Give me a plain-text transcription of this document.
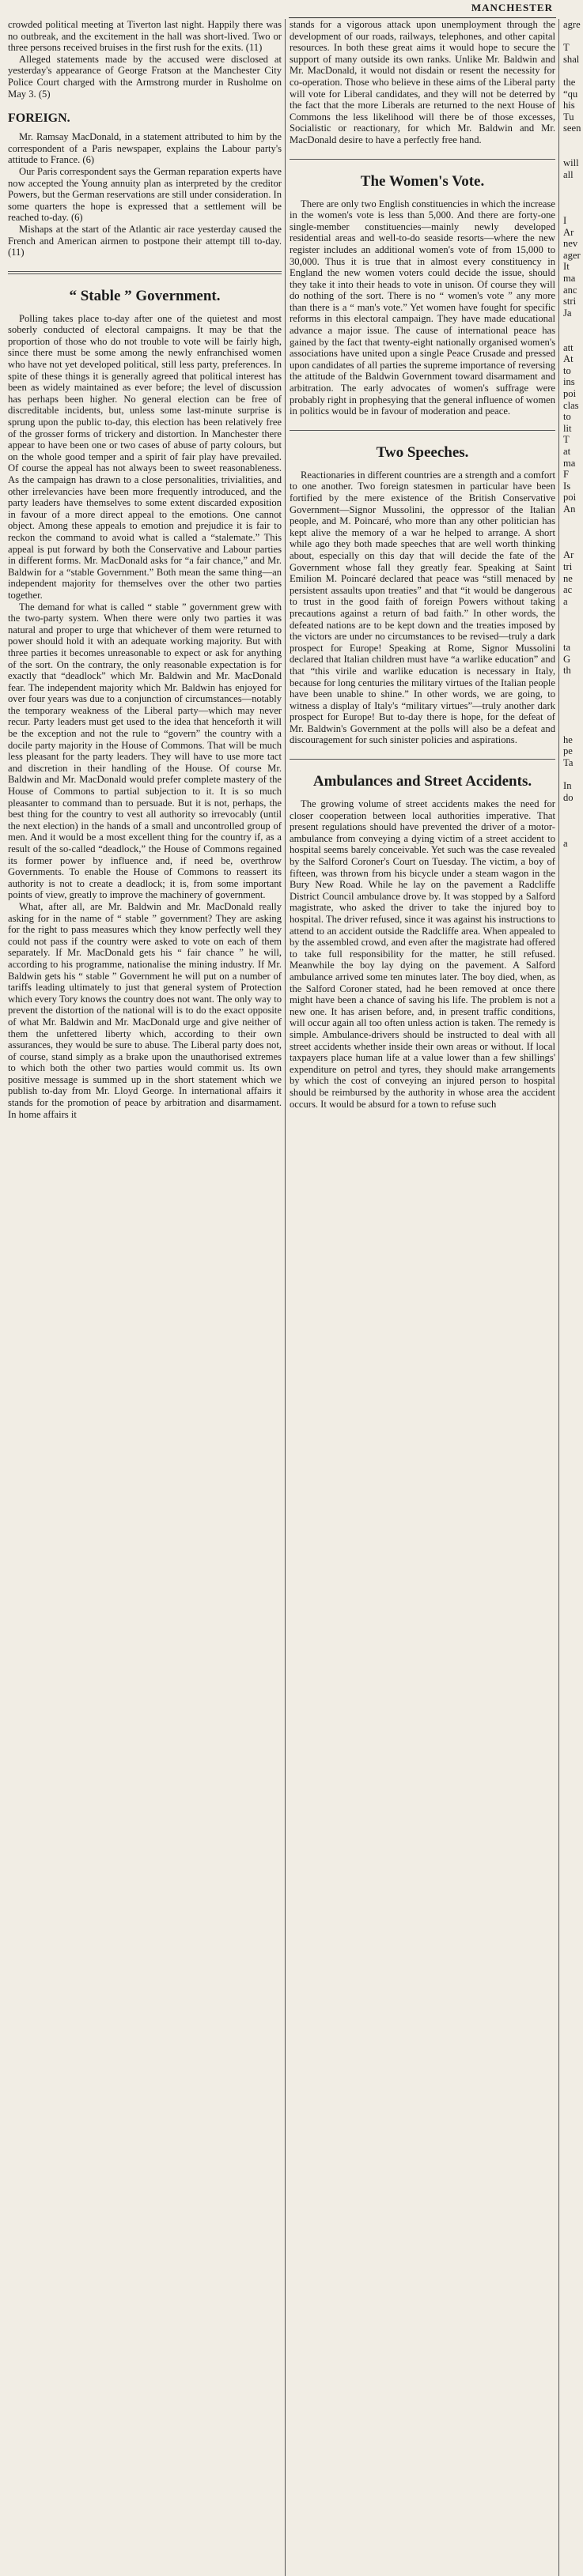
MANCHESTER

crowded political meeting at Tiverton last night. Happily there was no outbreak, and the excitement in the hall was short-lived. Two or three persons received bruises in the first rush for the exits. (11)

Alleged statements made by the accused were disclosed at yesterday's appearance of George Fratson at the Manchester City Police Court charged with the Armstrong murder in Rusholme on May 3. (5)

FOREIGN.

Mr. Ramsay MacDonald, in a statement attributed to him by the correspondent of a Paris newspaper, explains the Labour party's attitude to France. (6)

Our Paris correspondent says the German reparation experts have now accepted the Young annuity plan as interpreted by the creditor Powers, but the German reservations are still under consideration. In some quarters the hope is expressed that a settlement will be reached to-day. (6)

Mishaps at the start of the Atlantic air race yesterday caused the French and American airmen to postpone their attempt till to-day. (11)

“ Stable ” Government.

Polling takes place to-day after one of the quietest and most soberly conducted of electoral campaigns. It may be that the proportion of those who do not trouble to vote will be fairly high, since there must be some among the newly enfranchised women who have not yet developed political, still less party, preferences. In spite of these things it is generally agreed that political interest has been as widely maintained as ever before; the level of discussion has perhaps been higher. No general election can be free of discreditable incidents, but, unless some last-minute surprise is sprung upon the public to-day, this election has been relatively free of the grosser forms of trickery and distortion. In Manchester there appear to have been one or two cases of abuse of party colours, but on the whole good temper and a spirit of fair play have prevailed. Of course the appeal has not always been to sweet reasonableness. As the campaign has drawn to a close personalities, trivialities, and other irrelevancies have been more frequently introduced, and the party leaders have themselves to some extent discarded exposition in favour of a more direct appeal to the emotions. One cannot object. Among these appeals to emotion and prejudice it is fair to reckon the command to avoid what is called a “stalemate.” This appeal is put forward by both the Conservative and Labour parties in different forms. Mr. MacDonald asks for “a fair chance,” and Mr. Baldwin for a “stable Government.” Both mean the same thing—an independent majority for themselves over the other two parties together.

The demand for what is called “ stable ” government grew with the two-party system. When there were only two parties it was natural and proper to urge that whichever of them were returned to power should hold it with an adequate working majority. But with three parties it becomes unreasonable to expect or ask for anything of the sort. On the contrary, the only reasonable expectation is for exactly that “deadlock” which Mr. Baldwin and Mr. MacDonald fear. The independent majority which Mr. Baldwin has enjoyed for over four years was due to a conjunction of circumstances—notably the temporary weakness of the Liberal party—which may never recur. Party leaders must get used to the idea that henceforth it will be the exception and not the rule to “govern” the country with a docile party majority in the House of Commons. That will be much less pleasant for the party leaders. They will have to use more tact and discretion in their handling of the House. Of course Mr. Baldwin and Mr. MacDonald would prefer complete mastery of the House of Commons to partial subjection to it. It is so much pleasanter to command than to persuade. But it is not, perhaps, the best thing for the country to vest all authority so irrevocably (until the next election) in the hands of a small and uncontrolled group of men. And it would be a most excellent thing for the country if, as a result of the so-called “deadlock,” the House of Commons regained its former power by influence and, if need be, overthrow Governments. To enable the House of Commons to reassert its authority is not to create a deadlock; it is, from some important points of view, greatly to improve the machinery of government.

What, after all, are Mr. Baldwin and Mr. MacDonald really asking for in the name of “ stable ” government? They are asking for the right to pass measures which they know perfectly well they could not pass if the country were asked to vote on each of them separately. If Mr. MacDonald gets his “ fair chance ” he will, according to his programme, nationalise the mining industry. If Mr. Baldwin gets his “ stable ” Government he will put on a number of tariffs leading ultimately to just that general system of Protection which every Tory knows the country does not want. The only way to prevent the distortion of the national will is to do the exact opposite of what Mr. Baldwin and Mr. MacDonald urge and give neither of them the unfettered liberty which, according to their own assurances, they would be sure to abuse. The Liberal party does not, of course, stand simply as a brake upon the unauthorised extremes to which both the other two parties would commit us. Its own positive message is summed up in the short statement which we publish to-day from Mr. Lloyd George. In international affairs it stands for the promotion of peace by arbitration and disarmament. In home affairs it

stands for a vigorous attack upon unemployment through the development of our roads, railways, telephones, and other capital resources. In both these great aims it would hope to secure the support of many outside its own ranks. Unlike Mr. Baldwin and Mr. MacDonald, it would not disdain or resent the necessity for co-operation. Those who believe in these aims of the Liberal party will vote for Liberal candidates, and they will not be deterred by the fact that the more Liberals are returned to the next House of Commons the less likelihood will there be of those excesses, Socialistic or reactionary, for which Mr. Baldwin and Mr. MacDonald desire to have a perfectly free hand.

The Women's Vote.

There are only two English constituencies in which the increase in the women's vote is less than 5,000. And there are forty-one single-member constituencies—mainly newly developed residential areas and well-to-do seaside resorts—where the new register includes an additional women's vote of from 15,000 to 30,000. Thus it is true that in almost every constituency in England the new women voters could decide the issue, should they take it into their heads to vote in unison. Of course they will do nothing of the sort. There is no “ women's vote ” any more than there is a “ man's vote.” Yet women have fought for specific reforms in this electoral campaign. They have made educational advance a major issue. The cause of international peace has gained by the fact that twenty-eight nationally organised women's associations have united upon a single Peace Crusade and pressed upon candidates of all parties the supreme importance of reversing the attitude of the Baldwin Government toward disarmament and arbitration. The early advocates of women's suffrage were probably right in prophesying that the general influence of women in politics would be in favour of moderation and peace.

Two Speeches.

Reactionaries in different countries are a strength and a comfort to one another. Two foreign statesmen in particular have been fortified by the mere existence of the British Conservative Government—Signor Mussolini, the oppressor of the Italian people, and M. Poincaré, who more than any other politician has kept alive the memory of a war he helped to arrange. A short while ago they both made speeches that are well worth thinking about, especially on this day that will decide the fate of the Government whose fall they greatly fear. Speaking at Saint Emilion M. Poincaré declared that peace was “still menaced by persistent assaults upon treaties” and that “it would be dangerous to trust in the good faith of foreign Powers without taking precautions against a return of bad faith.” In other words, the defeated nations are to be kept down and the treaties imposed by the victors are under no circumstances to be revised—truly a dark prospect for Europe! Speaking at Rome, Signor Mussolini declared that Italian children must have “a warlike education” and that “this virile and warlike education is necessary in Italy, because for long centuries the military virtues of the Italian people have been unable to shine.” In other words, we are going, to witness a display of Italy's “military virtues”—truly another dark prospect for Europe! But to-day there is hope, for the defeat of Mr. Baldwin's Government at the polls will also be a defeat and discouragement for such sinister policies and aspirations.

Ambulances and Street Accidents.

The growing volume of street accidents makes the need for closer cooperation between local authorities imperative. That present regulations should have prevented the driver of a motor-ambulance from conveying a dying victim of a street accident to hospital seems barely conceivable. Yet such was the case revealed by the Salford Coroner's Court on Tuesday. The victim, a boy of fifteen, was thrown from his bicycle under a steam wagon in the Bury New Road. While he lay on the pavement a Radcliffe District Council ambulance drove by. It was stopped by a Salford magistrate, who asked the driver to take the injured boy to hospital. The driver refused, since it was against his instructions to attend to an accident outside the Radcliffe area. When appealed to by the assembled crowd, and even after the magistrate had offered to take full responsibility for the matter, he still refused. Meanwhile the boy lay dying on the pavement. A Salford ambulance arrived some ten minutes later. The boy died, when, as the Salford Coroner stated, had he been removed at once there might have been a chance of saving his life. The problem is not a new one. It has arisen before, and, in present traffic conditions, will occur again all too often unless action is taken. The remedy is simple. Ambulance-drivers should be instructed to deal with all street accidents whether inside their own areas or without. If local taxpayers place human life at a value lower than a few shillings' expenditure on petrol and tyres, they should make arrangements by which the cost of conveying an injured person to hospital should be reimbursed by the authority in whose area the accident occurs. It would be absurd for a town to refuse such

agre

T
shal

the
“qu
his
Tu
seen

will
all

I
Ar
nev
ager
It
ma
anc
stri
Ja

att
At
to
ins
poi
clas
to
lit
T
at
ma
F
Is
poi
An

Ar
tri
ne
ac
a

ta
G
th

he
pe
Ta

In
do

a
